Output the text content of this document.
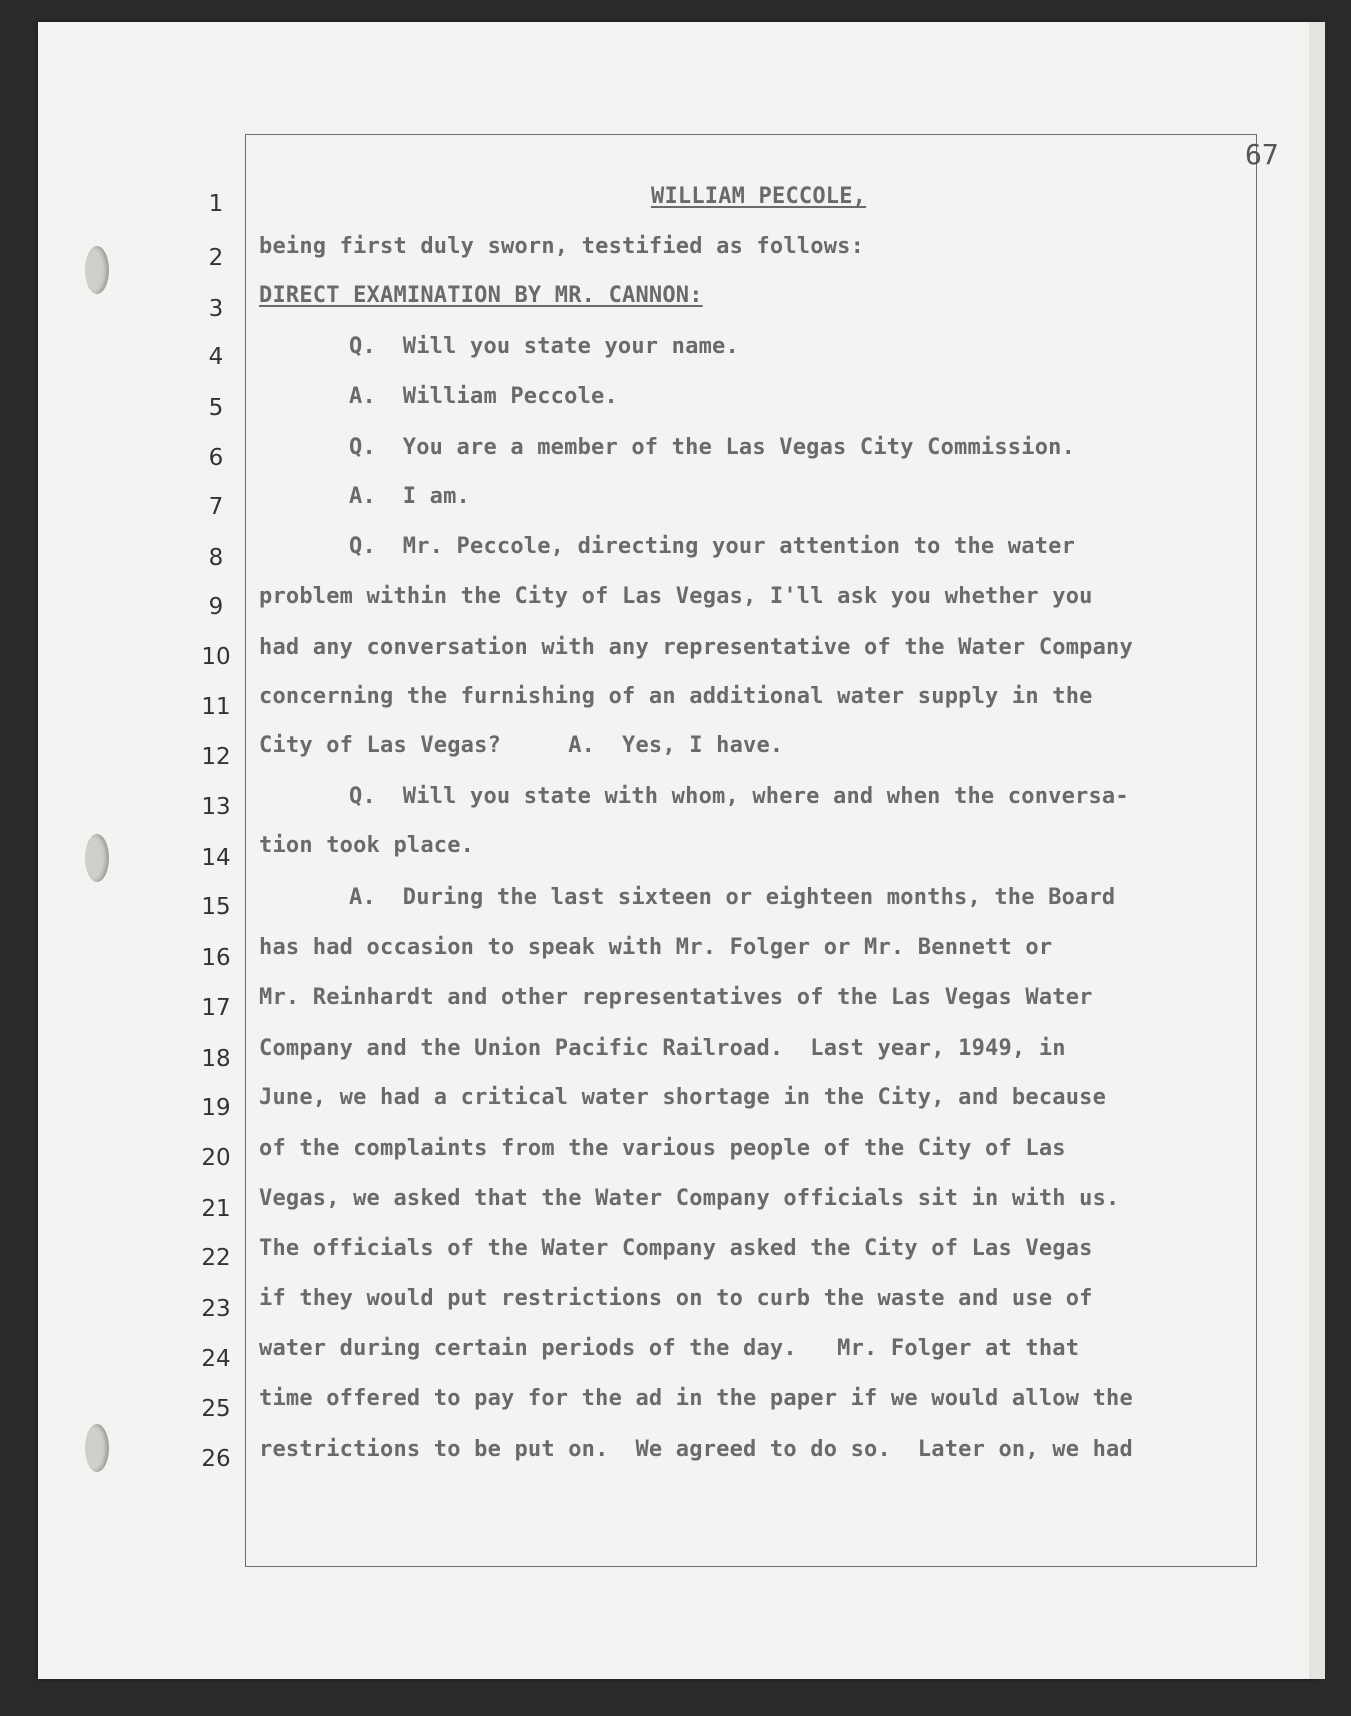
67
1
2
3
4
5
6
7
8
9
10
11
12
13
14
15
16
17
18
19
20
21
22
23
24
25
26
WILLIAM PECCOLE,
being first duly sworn, testified as follows:
DIRECT EXAMINATION BY MR. CANNON:
Q.  Will you state your name.
A.  William Peccole.
Q.  You are a member of the Las Vegas City Commission.
A.  I am.
Q.  Mr. Peccole, directing your attention to the water
problem within the City of Las Vegas, I'll ask you whether you
had any conversation with any representative of the Water Company
concerning the furnishing of an additional water supply in the
City of Las Vegas?     A.  Yes, I have.
Q.  Will you state with whom, where and when the conversa-
tion took place.
A.  During the last sixteen or eighteen months, the Board
has had occasion to speak with Mr. Folger or Mr. Bennett or
Mr. Reinhardt and other representatives of the Las Vegas Water
Company and the Union Pacific Railroad.  Last year, 1949, in
June, we had a critical water shortage in the City, and because
of the complaints from the various people of the City of Las
Vegas, we asked that the Water Company officials sit in with us.
The officials of the Water Company asked the City of Las Vegas
if they would put restrictions on to curb the waste and use of
water during certain periods of the day.   Mr. Folger at that
time offered to pay for the ad in the paper if we would allow the
restrictions to be put on.  We agreed to do so.  Later on, we had
